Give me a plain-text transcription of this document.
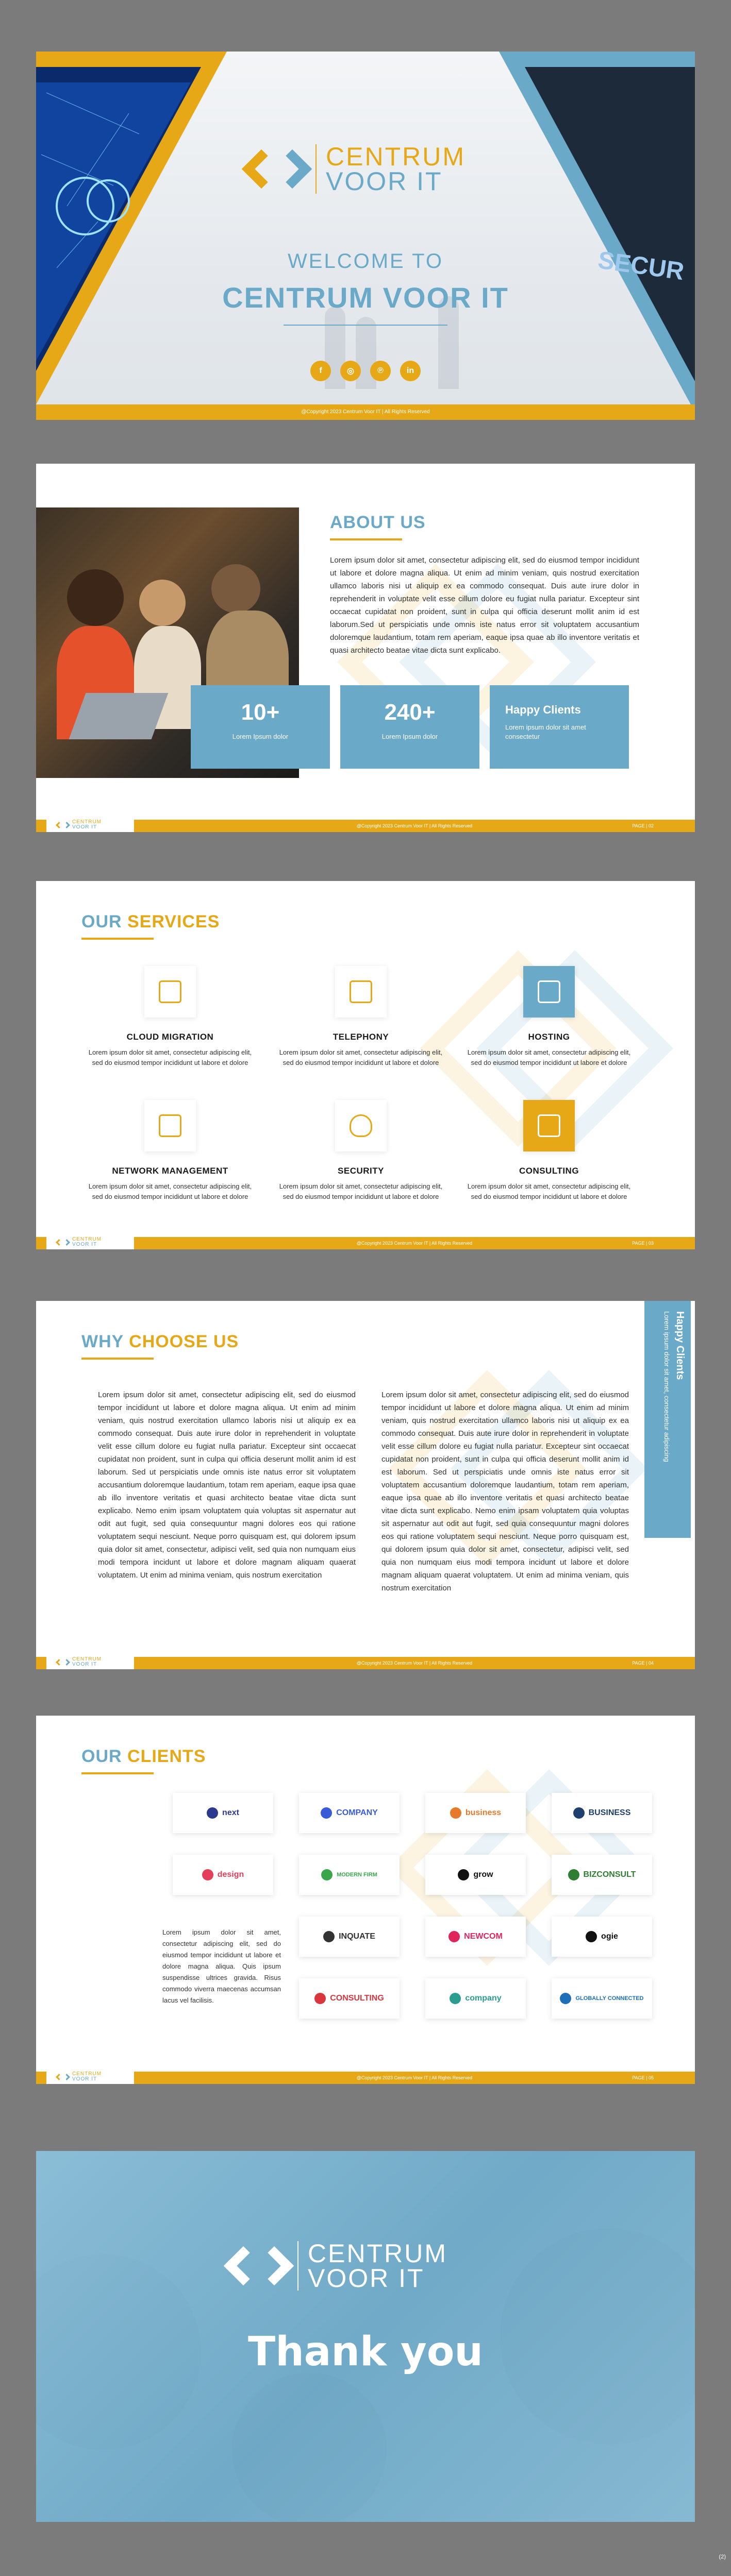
SECUR
CENTRUM
VOOR IT
WELCOME TO
CENTRUM VOOR IT
f	◎	℗	in
@Copyright 2023 Centrum Voor IT | All Rights Reserved
ABOUT US
Lorem ipsum dolor sit amet, consectetur adipiscing elit, sed do eiusmod tempor incididunt ut labore et dolore magna aliqua. Ut enim ad minim veniam, quis nostrud exercitation ullamco laboris nisi ut aliquip ex ea commodo consequat. Duis aute irure dolor in reprehenderit in voluptate velit esse cillum dolore eu fugiat nulla pariatur. Excepteur sint occaecat cupidatat non proident, sunt in culpa qui officia deserunt mollit anim id est laborum.Sed ut perspiciatis unde omnis iste natus error sit voluptatem accusantium doloremque laudantium, totam rem aperiam, eaque ipsa quae ab illo inventore veritatis et quasi architecto beatae vitae dicta sunt explicabo.
10+
Lorem Ipsum dolor
240+
Lorem Ipsum dolor
Happy Clients
Lorem ipsum dolor sit amet consectetur
CENTRUM
VOOR IT	@Copyright 2023 Centrum Voor IT | All Rights Reserved	PAGE | 02
OUR SERVICES
CLOUD MIGRATION
Lorem ipsum dolor sit amet, consectetur adipiscing elit, sed do eiusmod tempor incididunt ut labore et dolore
TELEPHONY
Lorem ipsum dolor sit amet, consectetur adipiscing elit, sed do eiusmod tempor incididunt ut labore et dolore
HOSTING
Lorem ipsum dolor sit amet, consectetur adipiscing elit, sed do eiusmod tempor incididunt ut labore et dolore
NETWORK MANAGEMENT
Lorem ipsum dolor sit amet, consectetur adipiscing elit, sed do eiusmod tempor incididunt ut labore et dolore
SECURITY
Lorem ipsum dolor sit amet, consectetur adipiscing elit, sed do eiusmod tempor incididunt ut labore et dolore
CONSULTING
Lorem ipsum dolor sit amet, consectetur adipiscing elit, sed do eiusmod tempor incididunt ut labore et dolore
CENTRUM
VOOR IT	@Copyright 2023 Centrum Voor IT | All Rights Reserved	PAGE | 03
WHY CHOOSE US
Lorem ipsum dolor sit amet, consectetur adipiscing elit, sed do eiusmod tempor incididunt ut labore et dolore magna aliqua. Ut enim ad minim veniam, quis nostrud exercitation ullamco laboris nisi ut aliquip ex ea commodo consequat. Duis aute irure dolor in reprehenderit in voluptate velit esse cillum dolore eu fugiat nulla pariatur. Excepteur sint occaecat cupidatat non proident, sunt in culpa qui officia deserunt mollit anim id est laborum. Sed ut perspiciatis unde omnis iste natus error sit voluptatem accusantium doloremque laudantium, totam rem aperiam, eaque ipsa quae ab illo inventore veritatis et quasi architecto beatae vitae dicta sunt explicabo. Nemo enim ipsam voluptatem quia voluptas sit aspernatur aut odit aut fugit, sed quia consequuntur magni dolores eos qui ratione voluptatem sequi nesciunt. Neque porro quisquam est, qui dolorem ipsum quia dolor sit amet, consectetur, adipisci velit, sed quia non numquam eius modi tempora incidunt ut labore et dolore magnam aliquam quaerat voluptatem. Ut enim ad minima veniam, quis nostrum exercitation
Lorem ipsum dolor sit amet, consectetur adipiscing elit, sed do eiusmod tempor incididunt ut labore et dolore magna aliqua. Ut enim ad minim veniam, quis nostrud exercitation ullamco laboris nisi ut aliquip ex ea commodo consequat. Duis aute irure dolor in reprehenderit in voluptate velit esse cillum dolore eu fugiat nulla pariatur. Excepteur sint occaecat cupidatat non proident, sunt in culpa qui officia deserunt mollit anim id est laborum. Sed ut perspiciatis unde omnis iste natus error sit voluptatem accusantium doloremque laudantium, totam rem aperiam, eaque ipsa quae ab illo inventore veritatis et quasi architecto beatae vitae dicta sunt explicabo. Nemo enim ipsam voluptatem quia voluptas sit aspernatur aut odit aut fugit, sed quia consequuntur magni dolores eos qui ratione voluptatem sequi nesciunt. Neque porro quisquam est, qui dolorem ipsum quia dolor sit amet, consectetur, adipisci velit, sed quia non numquam eius modi tempora incidunt ut labore et dolore magnam aliquam quaerat voluptatem. Ut enim ad minima veniam, quis nostrum exercitation
Happy Clients
Lorem ipsum dolor sit amet, consectetur adipiscing
CENTRUM
VOOR IT	@Copyright 2023 Centrum Voor IT | All Rights Reserved	PAGE | 04
OUR CLIENTS
Lorem ipsum dolor sit amet, consectetur adipiscing elit, sed do eiusmod tempor incididunt ut labore et dolore magna aliqua. Quis ipsum suspendisse ultrices gravida. Risus commodo viverra maecenas accumsan lacus vel facilisis.
next	COMPANY	business	BUSINESS
design	MODERN FIRM	grow	BIZCONSULT
INQUATE	NEWCOM	ogie
CONSULTING	company	GLOBALLY CONNECTED
CENTRUM
VOOR IT	@Copyright 2023 Centrum Voor IT | All Rights Reserved	PAGE | 05
CENTRUM
VOOR IT
Thank you
(2)
